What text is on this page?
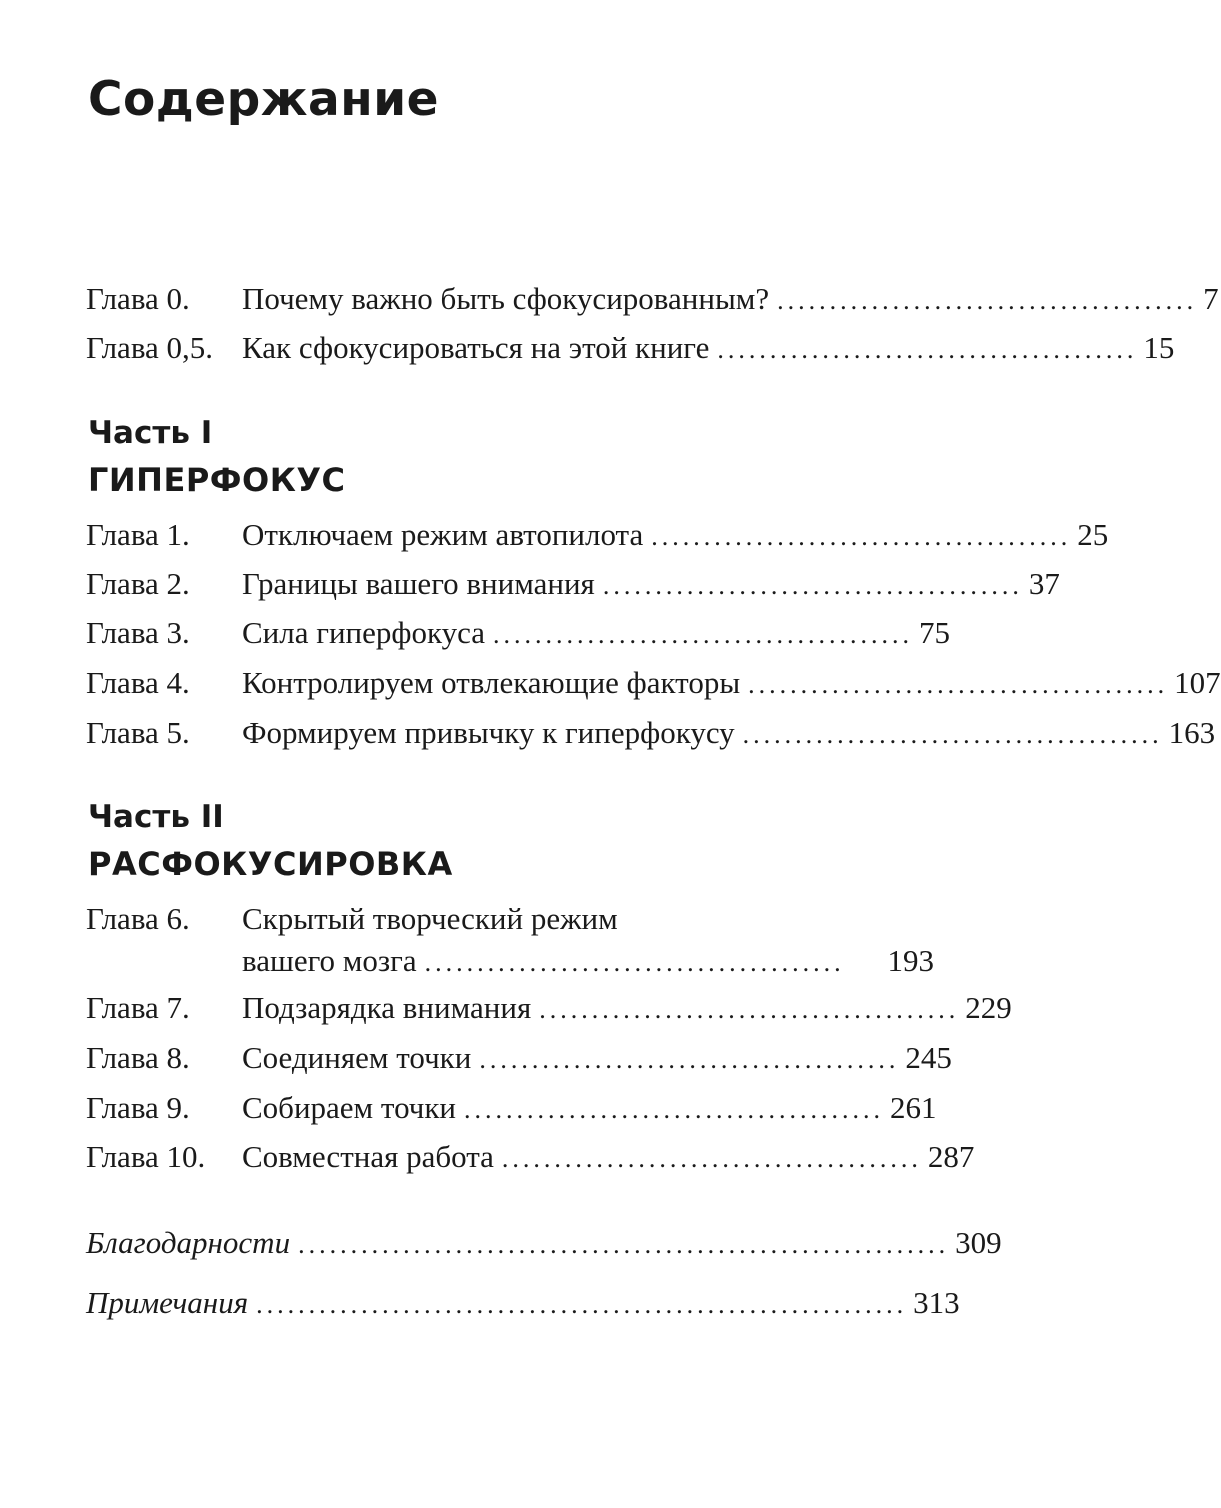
Содержание
Глава 0.	Почему важно быть сфокусированным? ........................................ 7
Глава 0,5. Как сфокусироваться на этой книге ........................................ 15
Часть I
ГИПЕРФОКУС
Глава 1.	Отключаем режим автопилота ........................................ 25
Глава 2.	Границы вашего внимания ........................................ 37
Глава 3.	Сила гиперфокуса ........................................ 75
Глава 4.	Контролируем отвлекающие факторы ........................................ 107
Глава 5.	Формируем привычку к гиперфокусу ........................................ 163
Часть II
РАСФОКУСИРОВКА
Глава 6.	Скрытый творческий режим
вашего мозга ........................................	193
Глава 7.	Подзарядка внимания ........................................ 229
Глава 8.	Соединяем точки ........................................ 245
Глава 9.	Собираем точки ........................................ 261
Глава 10.	Совместная работа ........................................ 287
Благодарности .............................................................. 309
Примечания .............................................................. 313
